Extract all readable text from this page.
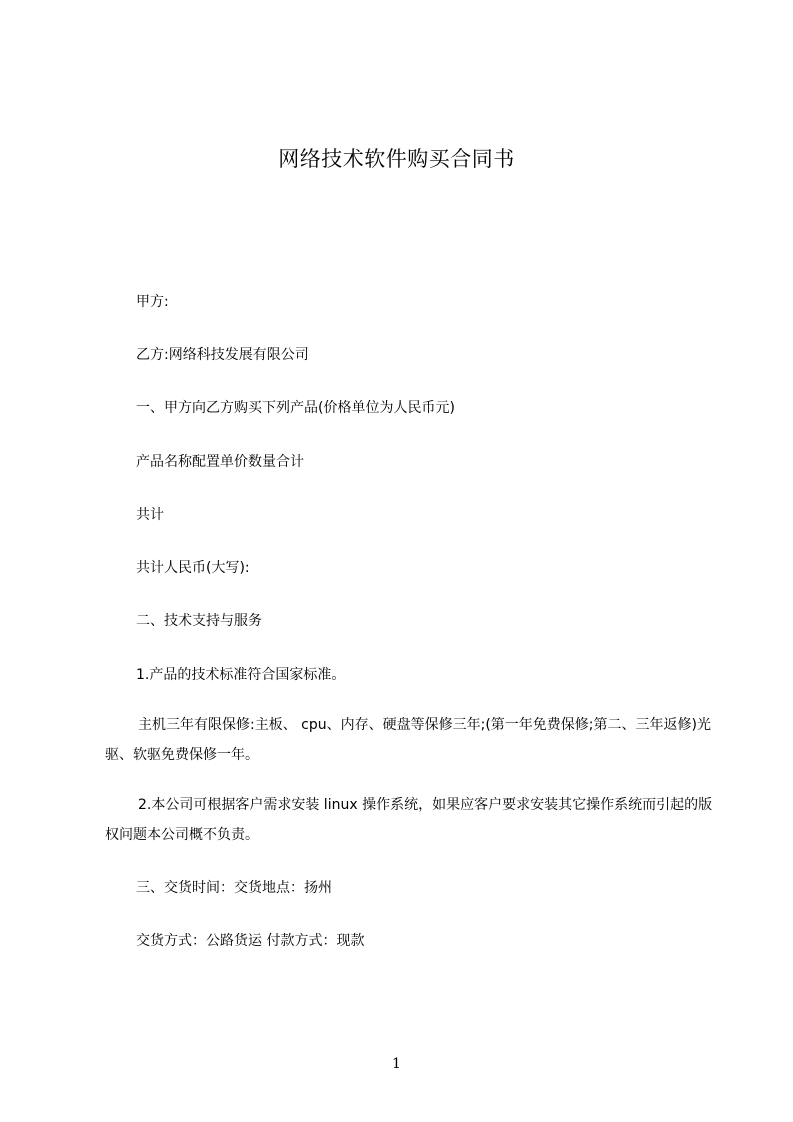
网络技术软件购买合同书
甲方:
乙方:网络科技发展有限公司
一、甲方向乙方购买下列产品(价格单位为人民币元)
产品名称配置单价数量合计
共计
共计人民币(大写):
二、技术支持与服务
1.产品的技术标准符合国家标准。
主机三年有限保修:主板、 cpu、内存、硬盘等保修三年;(第一年免费保修;第二、三年返修)光驱、软驱免费保修一年。
2.本公司可根据客户需求安装 linux 操作系统，如果应客户要求安装其它操作系统而引起的版权问题本公司概不负责。
三、交货时间：交货地点：扬州
交货方式：公路货运 付款方式：现款
1
